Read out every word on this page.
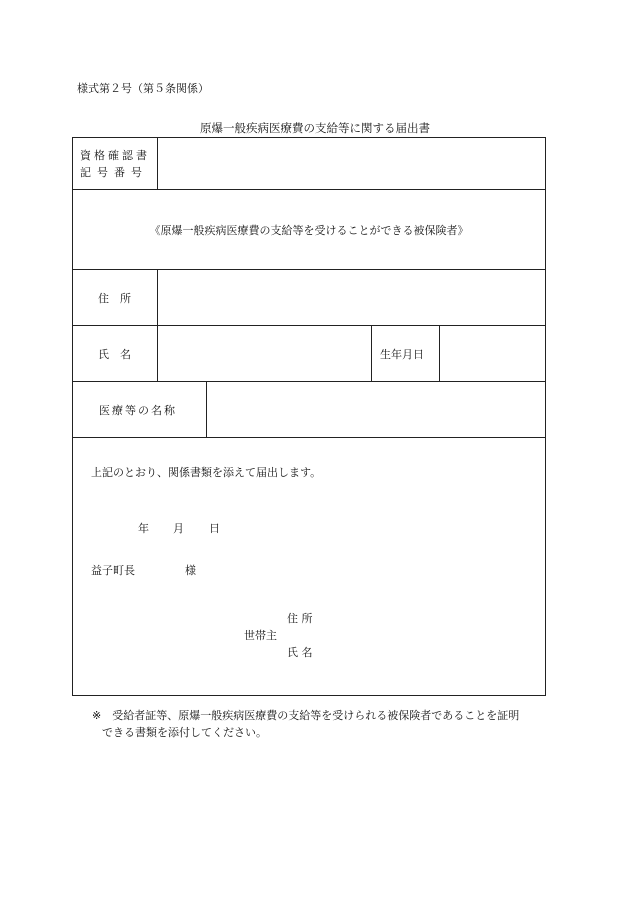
様式第２号（第５条関係）
原爆一般疾病医療費の支給等に関する届出書
資格確認書
記号番号
《原爆一般疾病医療費の支給等を受けることができる被保険者》
住　所
氏　名	生年月日
医療等の名称
上記のとおり、関係書類を添えて届出します。
年 月 日
益子町長	様
住 所
世帯主
氏 名
※ 受給者証等、原爆一般疾病医療費の支給等を受けられる被保険者であることを証明
できる書類を添付してください。
